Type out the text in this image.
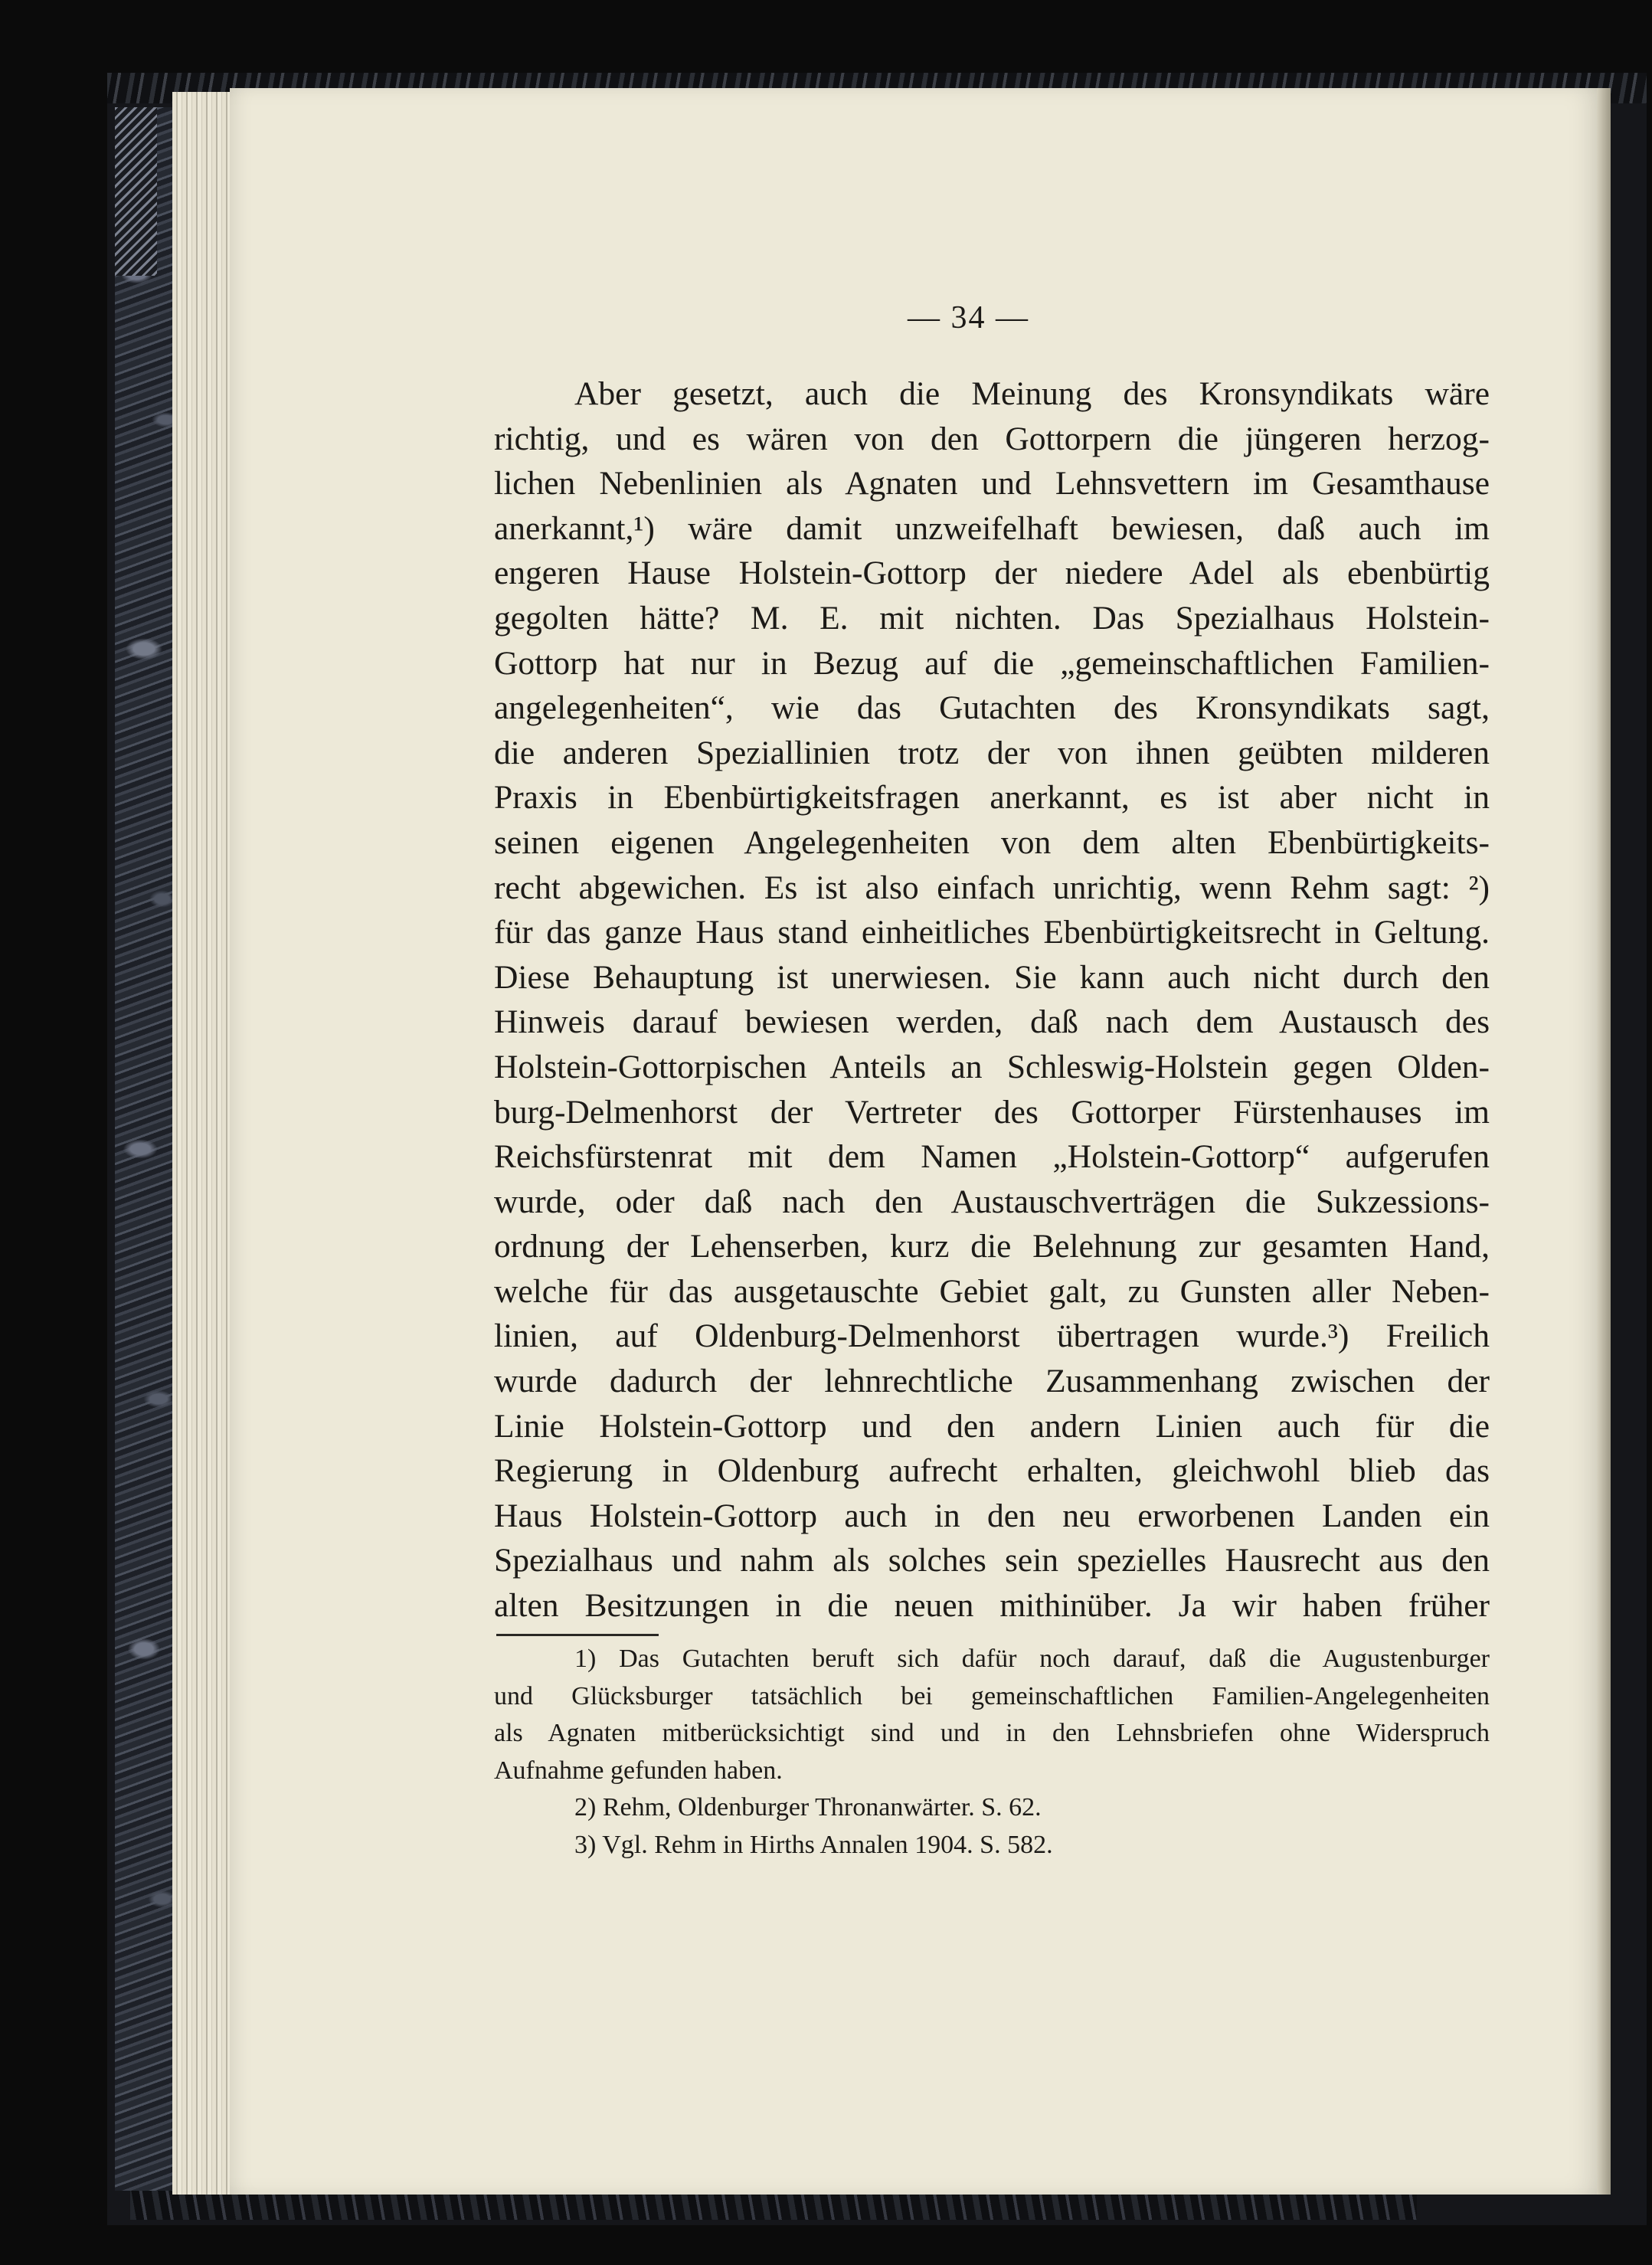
— 34 —
Aber gesetzt, auch die Meinung des Kronsyndikats wäre
richtig, und es wären von den Gottorpern die jüngeren herzog-
lichen Nebenlinien als Agnaten und Lehnsvettern im Gesamthause
anerkannt,¹) wäre damit unzweifelhaft bewiesen, daß auch im
engeren Hause Holstein-Gottorp der niedere Adel als ebenbürtig
gegolten hätte? M. E. mit nichten. Das Spezialhaus Holstein-
Gottorp hat nur in Bezug auf die „gemeinschaftlichen Familien-
angelegenheiten“, wie das Gutachten des Kronsyndikats sagt,
die anderen Speziallinien trotz der von ihnen geübten milderen
Praxis in Ebenbürtigkeitsfragen anerkannt, es ist aber nicht in
seinen eigenen Angelegenheiten von dem alten Ebenbürtigkeits-
recht abgewichen. Es ist also einfach unrichtig, wenn Rehm sagt: ²)
für das ganze Haus stand einheitliches Ebenbürtigkeitsrecht in Geltung.
Diese Behauptung ist unerwiesen. Sie kann auch nicht durch den
Hinweis darauf bewiesen werden, daß nach dem Austausch des
Holstein-Gottorpischen Anteils an Schleswig-Holstein gegen Olden-
burg-Delmenhorst der Vertreter des Gottorper Fürstenhauses im
Reichsfürstenrat mit dem Namen „Holstein-Gottorp“ aufgerufen
wurde, oder daß nach den Austauschverträgen die Sukzessions-
ordnung der Lehenserben, kurz die Belehnung zur gesamten Hand,
welche für das ausgetauschte Gebiet galt, zu Gunsten aller Neben-
linien, auf Oldenburg-Delmenhorst übertragen wurde.³) Freilich
wurde dadurch der lehnrechtliche Zusammenhang zwischen der
Linie Holstein-Gottorp und den andern Linien auch für die
Regierung in Oldenburg aufrecht erhalten, gleichwohl blieb das
Haus Holstein-Gottorp auch in den neu erworbenen Landen ein
Spezialhaus und nahm als solches sein spezielles Hausrecht aus den
alten Besitzungen in die neuen mithinüber. Ja wir haben früher
1) Das Gutachten beruft sich dafür noch darauf, daß die Augustenburger
und Glücksburger tatsächlich bei gemeinschaftlichen Familien-Angelegenheiten
als Agnaten mitberücksichtigt sind und in den Lehnsbriefen ohne Widerspruch
Aufnahme gefunden haben.
2) Rehm, Oldenburger Thronanwärter. S. 62.
3) Vgl. Rehm in Hirths Annalen 1904. S. 582.
